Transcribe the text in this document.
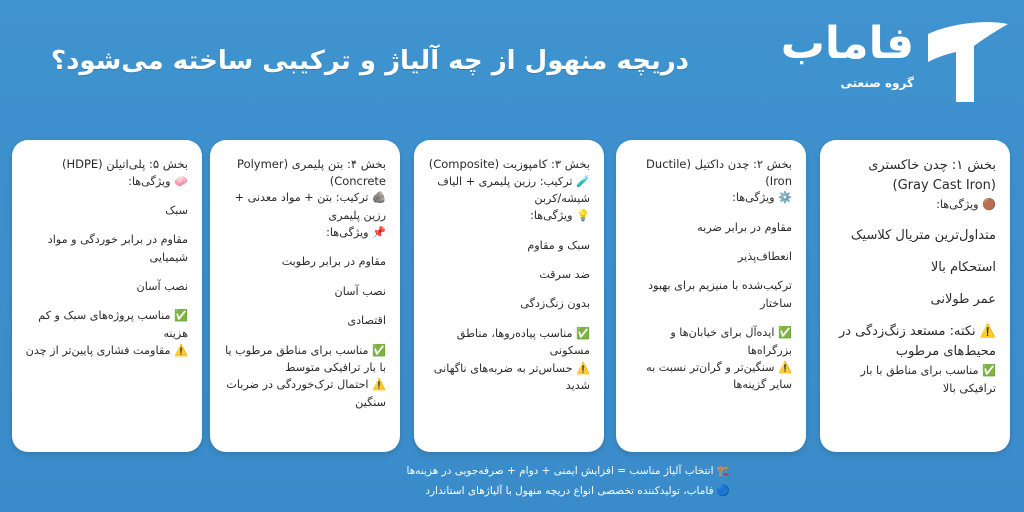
دریچه منهول از چه آلیاژ و ترکیبی ساخته می‌شود؟	فاماب
گروه صنعتی
بخش ۱: چدن خاکستری (Gray Cast Iron)
🟤 ویژگی‌ها:
متداول‌ترین متریال کلاسیک
استحکام بالا
عمر طولانی
⚠️ نکته: مستعد زنگ‌زدگی در محیط‌های مرطوب
✅ مناسب برای مناطق با بار ترافیکی بالا
بخش ۲: چدن داکتیل (Ductile Iron)
⚙️ ویژگی‌ها:
مقاوم در برابر ضربه
انعطاف‌پذیر
ترکیب‌شده با منیزیم برای بهبود ساختار
✅ ایده‌آل برای خیابان‌ها و بزرگراه‌ها
⚠️ سنگین‌تر و گران‌تر نسبت به سایر گزینه‌ها
بخش ۳: کامپوزیت (Composite)
🧪 ترکیب: رزین پلیمری + الیاف شیشه/کربن
💡 ویژگی‌ها:
سبک و مقاوم
ضد سرقت
بدون زنگ‌زدگی
✅ مناسب پیاده‌روها، مناطق مسکونی
⚠️ حساس‌تر به ضربه‌های ناگهانی شدید
بخش ۴: بتن پلیمری (Polymer Concrete)
🪨 ترکیب: بتن + مواد معدنی + رزین پلیمری
📌 ویژگی‌ها:
مقاوم در برابر رطوبت
نصب آسان
اقتصادی
✅ مناسب برای مناطق مرطوب یا با بار ترافیکی متوسط
⚠️ احتمال ترک‌خوردگی در ضربات سنگین
بخش ۵: پلی‌اتیلن (HDPE)
🧼 ویژگی‌ها:
سبک
مقاوم در برابر خوردگی و مواد شیمیایی
نصب آسان
✅ مناسب پروژه‌های سبک و کم هزینه
⚠️ مقاومت فشاری پایین‌تر از چدن
🏗️ انتخاب آلیاژ مناسب = افزایش ایمنی + دوام + صرفه‌جویی در هزینه‌ها
🔵 فاماب، تولیدکننده تخصصی انواع دریچه منهول با آلیاژهای استاندارد
